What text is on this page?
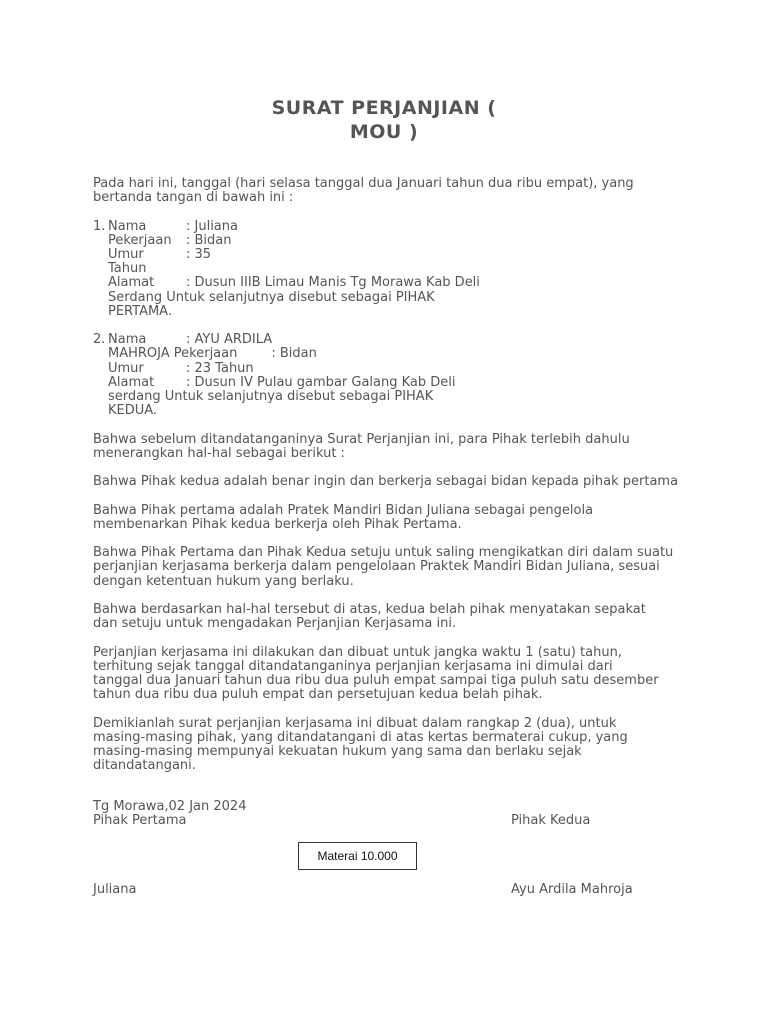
SURAT PERJANJIAN (
MOU )
Pada hari ini, tanggal (hari selasa tanggal dua Januari tahun dua ribu empat), yang
bertanda tangan di bawah ini :
1. Nama	: Juliana
Pekerjaan	: Bidan
Umur	: 35
Tahun
Alamat	: Dusun IIIB Limau Manis Tg Morawa Kab Deli
Serdang Untuk selanjutnya disebut sebagai PIHAK
PERTAMA.
2. Nama	: AYU ARDILA
MAHROJA Pekerjaan	: Bidan
Umur	: 23 Tahun
Alamat	: Dusun IV Pulau gambar Galang Kab Deli
serdang Untuk selanjutnya disebut sebagai PIHAK
KEDUA.
Bahwa sebelum ditandatanganinya Surat Perjanjian ini, para Pihak terlebih dahulu
menerangkan hal-hal sebagai berikut :
Bahwa Pihak kedua adalah benar ingin dan berkerja sebagai bidan kepada pihak pertama
Bahwa Pihak pertama adalah Pratek Mandiri Bidan Juliana sebagai pengelola
membenarkan Pihak kedua berkerja oleh Pihak Pertama.
Bahwa Pihak Pertama dan Pihak Kedua setuju untuk saling mengikatkan diri dalam suatu
perjanjian kerjasama berkerja dalam pengelolaan Praktek Mandiri Bidan Juliana, sesuai
dengan ketentuan hukum yang berlaku.
Bahwa berdasarkan hal-hal tersebut di atas, kedua belah pihak menyatakan sepakat
dan setuju untuk mengadakan Perjanjian Kerjasama ini.
Perjanjian kerjasama ini dilakukan dan dibuat untuk jangka waktu 1 (satu) tahun,
terhitung sejak tanggal ditandatanganinya perjanjian kerjasama ini dimulai dari
tanggal dua Januari tahun dua ribu dua puluh empat sampai tiga puluh satu desember
tahun dua ribu dua puluh empat dan persetujuan kedua belah pihak.
Demikianlah surat perjanjian kerjasama ini dibuat dalam rangkap 2 (dua), untuk
masing-masing pihak, yang ditandatangani di atas kertas bermaterai cukup, yang
masing-masing mempunyai kekuatan hukum yang sama dan berlaku sejak
ditandatangani.
Tg Morawa,02 Jan 2024
Pihak Pertama	Pihak Kedua
Juliana	Ayu Ardila Mahroja
Materai 10.000
